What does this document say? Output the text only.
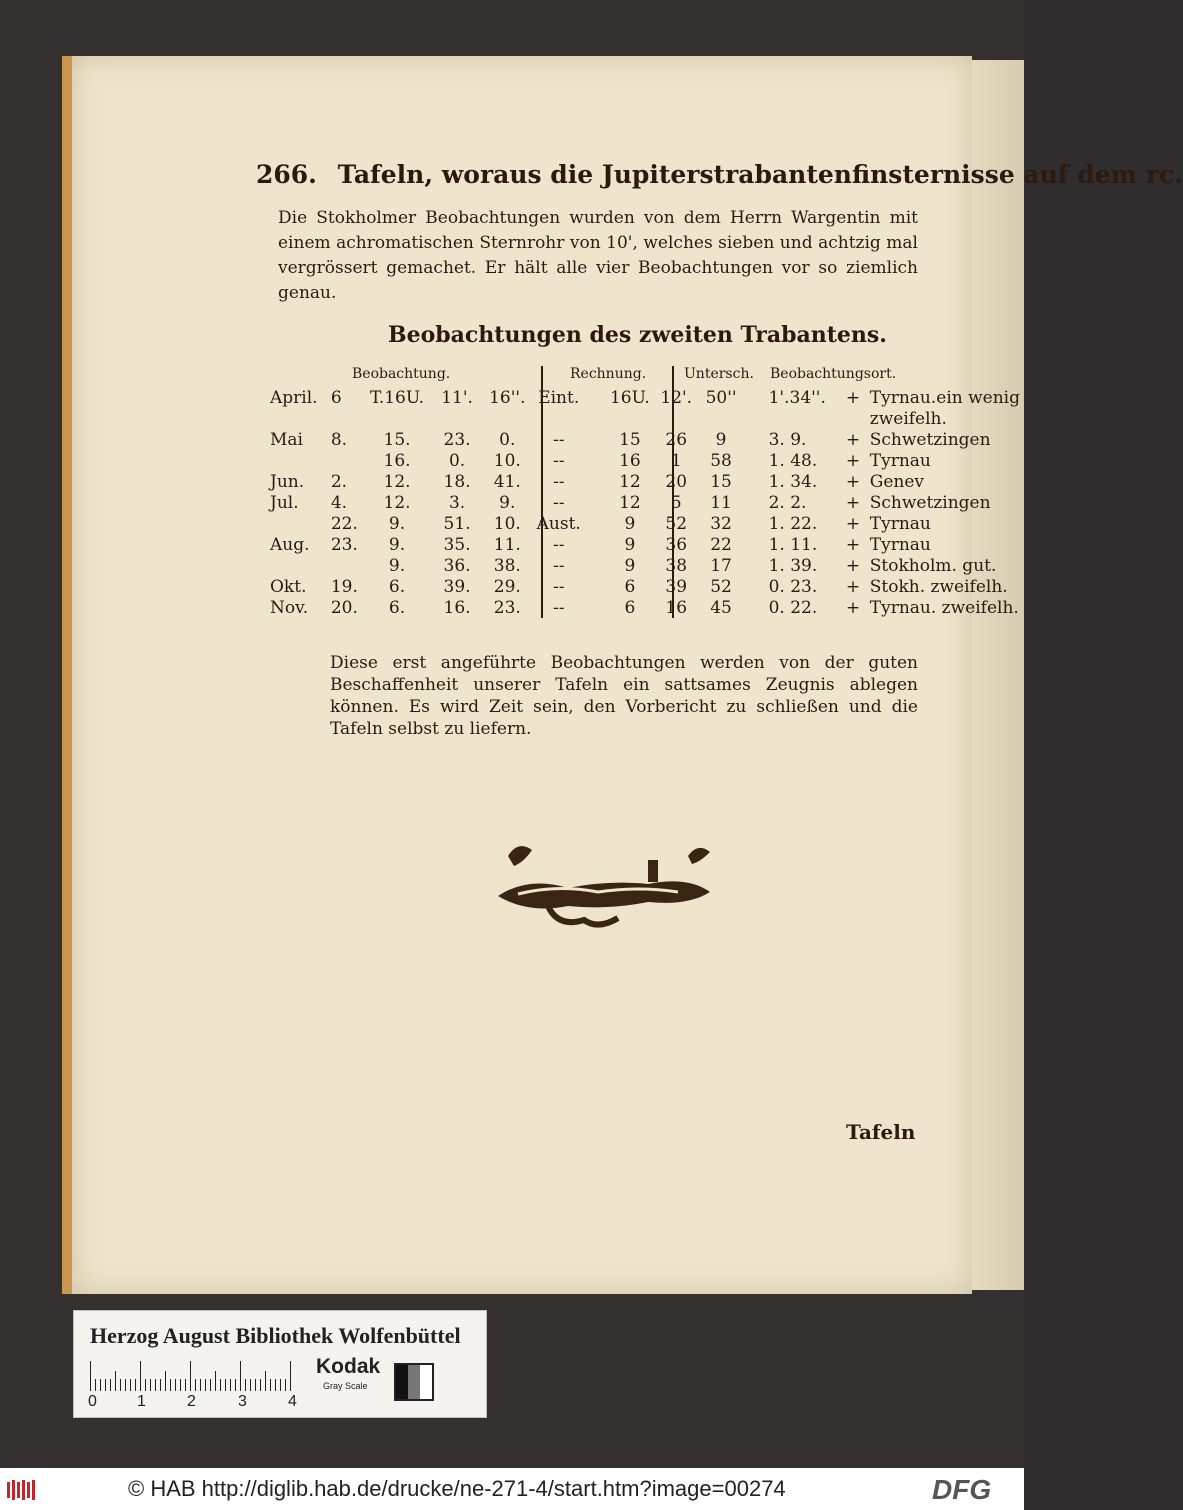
266. Tafeln, woraus die Jupiterstrabantenfinsternisse auf dem rc.
Die Stokholmer Beobachtungen wurden von dem Herrn Wargentin mit einem achromatischen Sternrohr von 10', welches sieben und achtzig mal vergrössert gemachet. Er hält alle vier Beobachtungen vor so ziemlich genau.
Beobachtungen des zweiten Trabantens.
Beobachtung.	Rechnung.	Untersch. Beobachtungsort.
April.	6	T.16U.	11'.	16''.	Eint.		16U.	12'.	50''		1'.34''.	+	Tyrnau.ein wenig
													zweifelh.
Mai	8.	15.	23.	0.	--		15	26	9		3. 9.	+	Schwetzingen
		16.	0.	10.	--		16	1	58		1. 48.	+	Tyrnau
Jun.	2.	12.	18.	41.	--		12	20	15		1. 34.	+	Genev
Jul.	4.	12.	3.	9.	--		12	5	11		2. 2.	+	Schwetzingen
	22.	9.	51.	10.	Aust.		9	52	32		1. 22.	+	Tyrnau
Aug.	23.	9.	35.	11.	--		9	36	22		1. 11.	+	Tyrnau
		9.	36.	38.	--		9	38	17		1. 39.	+	Stokholm. gut.
Okt.	19.	6.	39.	29.	--		6	39	52		0. 23.	+	Stokh. zweifelh.
Nov.	20.	6.	16.	23.	--		6	16	45		0. 22.	+	Tyrnau. zweifelh.
Diese erst angeführte Beobachtungen werden von der guten Beschaffenheit unserer Tafeln ein sattsames Zeugnis ablegen können. Es wird Zeit sein, den Vorbericht zu schließen und die Tafeln selbst zu liefern.
Tafeln
Herzog August Bibliothek Wolfenbüttel
0	1	2	3	4
Kodak
Gray Scale
© HAB http://diglib.hab.de/drucke/ne-271-4/start.htm?image=00274	DFG
